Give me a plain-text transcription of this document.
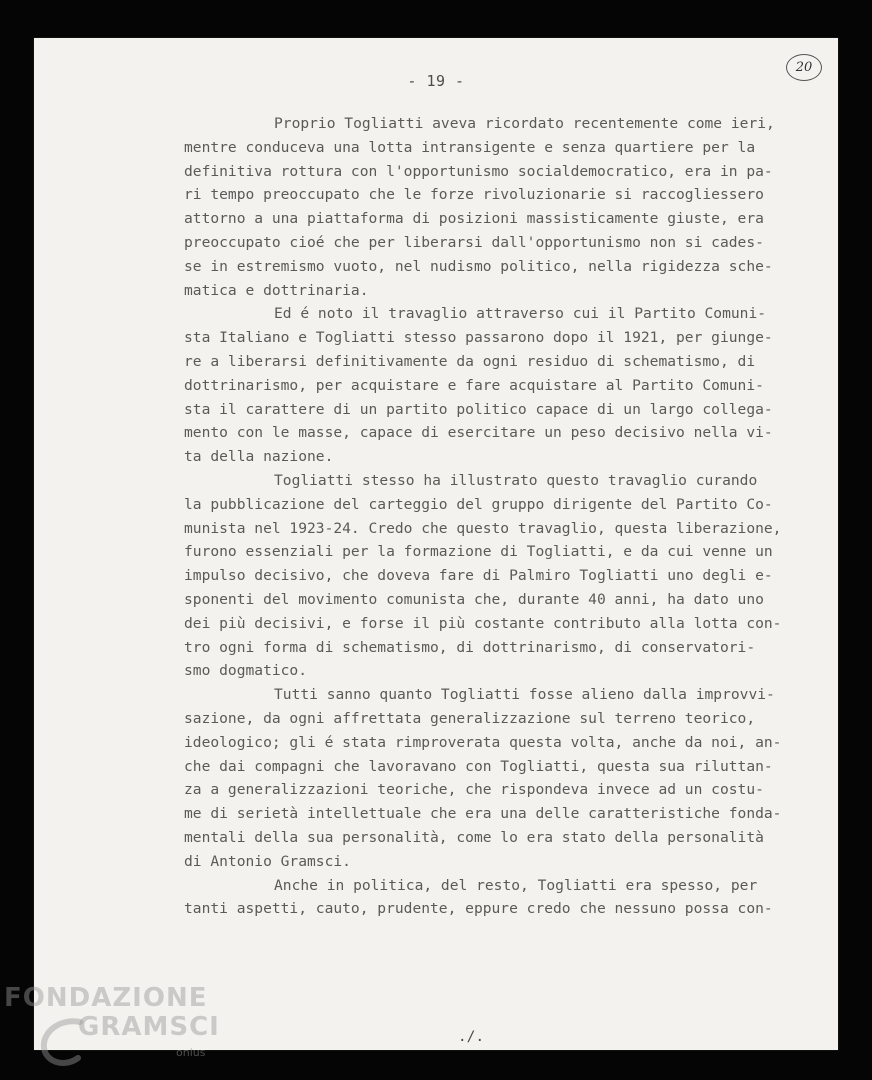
- 19 -
20
Proprio Togliatti aveva ricordato recentemente come ieri,
mentre conduceva una lotta intransigente e senza quartiere per la
definitiva rottura con l'opportunismo socialdemocratico, era in pa-
ri tempo preoccupato che le forze rivoluzionarie si raccogliessero
attorno a una piattaforma di posizioni massisticamente giuste, era
preoccupato cioé che per liberarsi dall'opportunismo non si cades-
se in estremismo vuoto, nel nudismo politico, nella rigidezza sche-
matica e dottrinaria.
Ed é noto il travaglio attraverso cui il Partito Comuni-
sta Italiano e Togliatti stesso passarono dopo il 1921, per giunge-
re a liberarsi definitivamente da ogni residuo di schematismo, di
dottrinarismo, per acquistare e fare acquistare al Partito Comuni-
sta il carattere di un partito politico capace di un largo collega-
mento con le masse, capace di esercitare un peso decisivo nella vi-
ta della nazione.
Togliatti stesso ha illustrato questo travaglio curando
la pubblicazione del carteggio del gruppo dirigente del Partito Co-
munista nel 1923-24. Credo che questo travaglio, questa liberazione,
furono essenziali per la formazione di Togliatti, e da cui venne un
impulso decisivo, che doveva fare di Palmiro Togliatti uno degli e-
sponenti del movimento comunista che, durante 40 anni, ha dato uno
dei più decisivi, e forse il più costante contributo alla lotta con-
tro ogni forma di schematismo, di dottrinarismo, di conservatori-
smo dogmatico.
Tutti sanno quanto Togliatti fosse alieno dalla improvvi-
sazione, da ogni affrettata generalizzazione sul terreno teorico,
ideologico; gli é stata rimproverata questa volta, anche da noi, an-
che dai compagni che lavoravano con Togliatti, questa sua riluttan-
za a generalizzazioni teoriche, che rispondeva invece ad un costu-
me di serietà intellettuale che era una delle caratteristiche fonda-
mentali della sua personalità, come lo era stato della personalità
di Antonio Gramsci.
Anche in politica, del resto, Togliatti era spesso, per
tanti aspetti, cauto, prudente, eppure credo che nessuno possa con-
./.
FONDAZIONE
GRAMSCI
onlus
